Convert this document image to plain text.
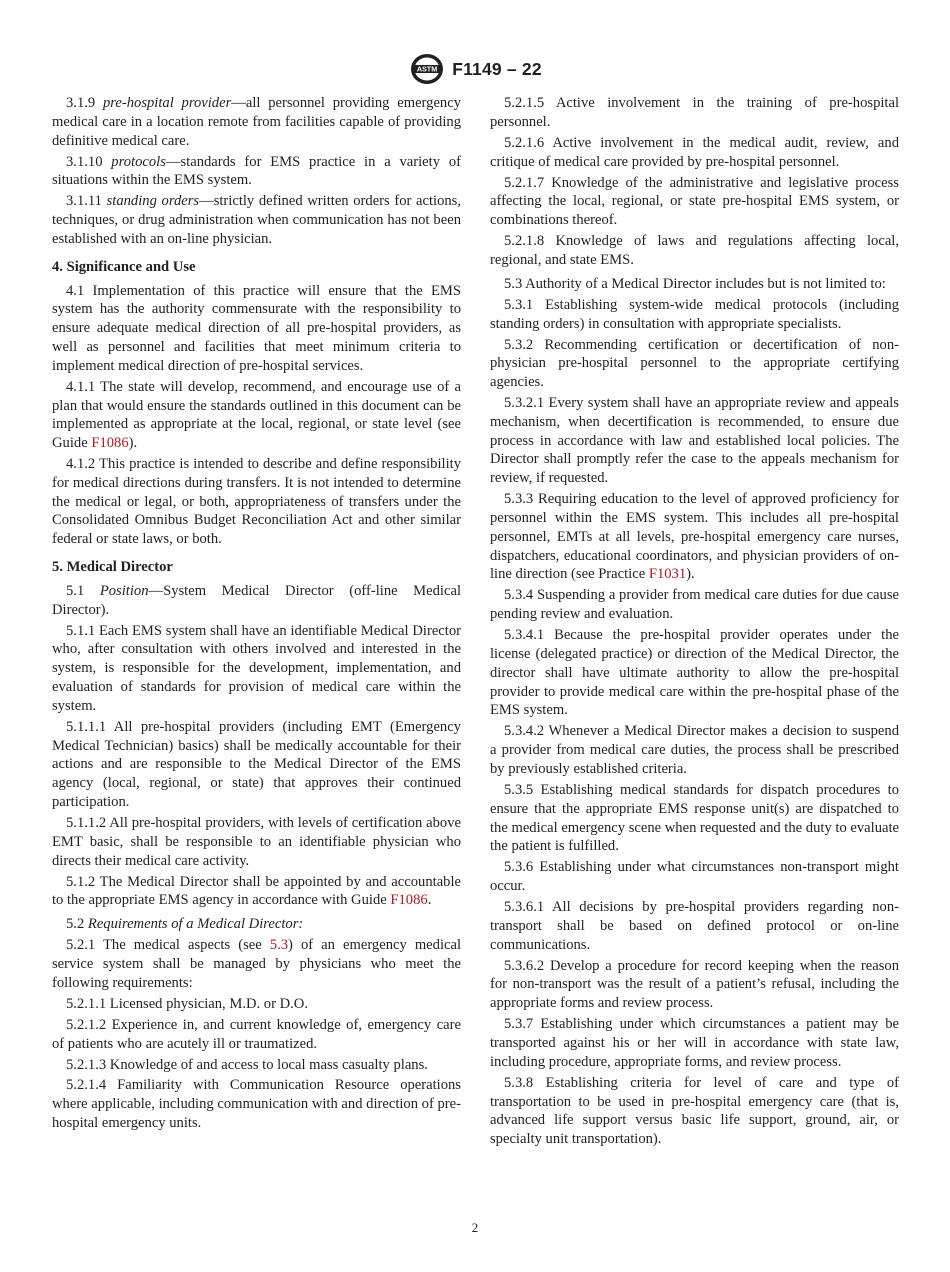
ASTM F1149 – 22

3.1.9 pre-hospital provider—all personnel providing emergency medical care in a location remote from facilities capable of providing definitive medical care.

3.1.10 protocols—standards for EMS practice in a variety of situations within the EMS system.

3.1.11 standing orders—strictly defined written orders for actions, techniques, or drug administration when communication has not been established with an on-line physician.

4. Significance and Use

4.1 Implementation of this practice will ensure that the EMS system has the authority commensurate with the responsibility to ensure adequate medical direction of all pre-hospital providers, as well as personnel and facilities that meet minimum criteria to implement medical direction of pre-hospital services.

4.1.1 The state will develop, recommend, and encourage use of a plan that would ensure the standards outlined in this document can be implemented as appropriate at the local, regional, or state level (see Guide F1086).

4.1.2 This practice is intended to describe and define responsibility for medical directions during transfers. It is not intended to determine the medical or legal, or both, appropriateness of transfers under the Consolidated Omnibus Budget Reconciliation Act and other similar federal or state laws, or both.

5. Medical Director

5.1 Position—System Medical Director (off-line Medical Director).

5.1.1 Each EMS system shall have an identifiable Medical Director who, after consultation with others involved and interested in the system, is responsible for the development, implementation, and evaluation of standards for provision of medical care within the system.

5.1.1.1 All pre-hospital providers (including EMT (Emergency Medical Technician) basics) shall be medically accountable for their actions and are responsible to the Medical Director of the EMS agency (local, regional, or state) that approves their continued participation.

5.1.1.2 All pre-hospital providers, with levels of certification above EMT basic, shall be responsible to an identifiable physician who directs their medical care activity.

5.1.2 The Medical Director shall be appointed by and accountable to the appropriate EMS agency in accordance with Guide F1086.

5.2 Requirements of a Medical Director:

5.2.1 The medical aspects (see 5.3) of an emergency medical service system shall be managed by physicians who meet the following requirements:

5.2.1.1 Licensed physician, M.D. or D.O.

5.2.1.2 Experience in, and current knowledge of, emergency care of patients who are acutely ill or traumatized.

5.2.1.3 Knowledge of and access to local mass casualty plans.

5.2.1.4 Familiarity with Communication Resource operations where applicable, including communication with and direction of pre-hospital emergency units.

5.2.1.5 Active involvement in the training of pre-hospital personnel.

5.2.1.6 Active involvement in the medical audit, review, and critique of medical care provided by pre-hospital personnel.

5.2.1.7 Knowledge of the administrative and legislative process affecting the local, regional, or state pre-hospital EMS system, or combinations thereof.

5.2.1.8 Knowledge of laws and regulations affecting local, regional, and state EMS.

5.3 Authority of a Medical Director includes but is not limited to:

5.3.1 Establishing system-wide medical protocols (including standing orders) in consultation with appropriate specialists.

5.3.2 Recommending certification or decertification of non-physician pre-hospital personnel to the appropriate certifying agencies.

5.3.2.1 Every system shall have an appropriate review and appeals mechanism, when decertification is recommended, to ensure due process in accordance with law and established local policies. The Director shall promptly refer the case to the appeals mechanism for review, if requested.

5.3.3 Requiring education to the level of approved proficiency for personnel within the EMS system. This includes all pre-hospital personnel, EMTs at all levels, pre-hospital emergency care nurses, dispatchers, educational coordinators, and physician providers of on-line direction (see Practice F1031).

5.3.4 Suspending a provider from medical care duties for due cause pending review and evaluation.

5.3.4.1 Because the pre-hospital provider operates under the license (delegated practice) or direction of the Medical Director, the director shall have ultimate authority to allow the pre-hospital provider to provide medical care within the pre-hospital phase of the EMS system.

5.3.4.2 Whenever a Medical Director makes a decision to suspend a provider from medical care duties, the process shall be prescribed by previously established criteria.

5.3.5 Establishing medical standards for dispatch procedures to ensure that the appropriate EMS response unit(s) are dispatched to the medical emergency scene when requested and the duty to evaluate the patient is fulfilled.

5.3.6 Establishing under what circumstances non-transport might occur.

5.3.6.1 All decisions by pre-hospital providers regarding non-transport shall be based on defined protocol or on-line communications.

5.3.6.2 Develop a procedure for record keeping when the reason for non-transport was the result of a patient’s refusal, including the appropriate forms and review process.

5.3.7 Establishing under which circumstances a patient may be transported against his or her will in accordance with state law, including procedure, appropriate forms, and review process.

5.3.8 Establishing criteria for level of care and type of transportation to be used in pre-hospital emergency care (that is, advanced life support versus basic life support, ground, air, or specialty unit transportation).

2
